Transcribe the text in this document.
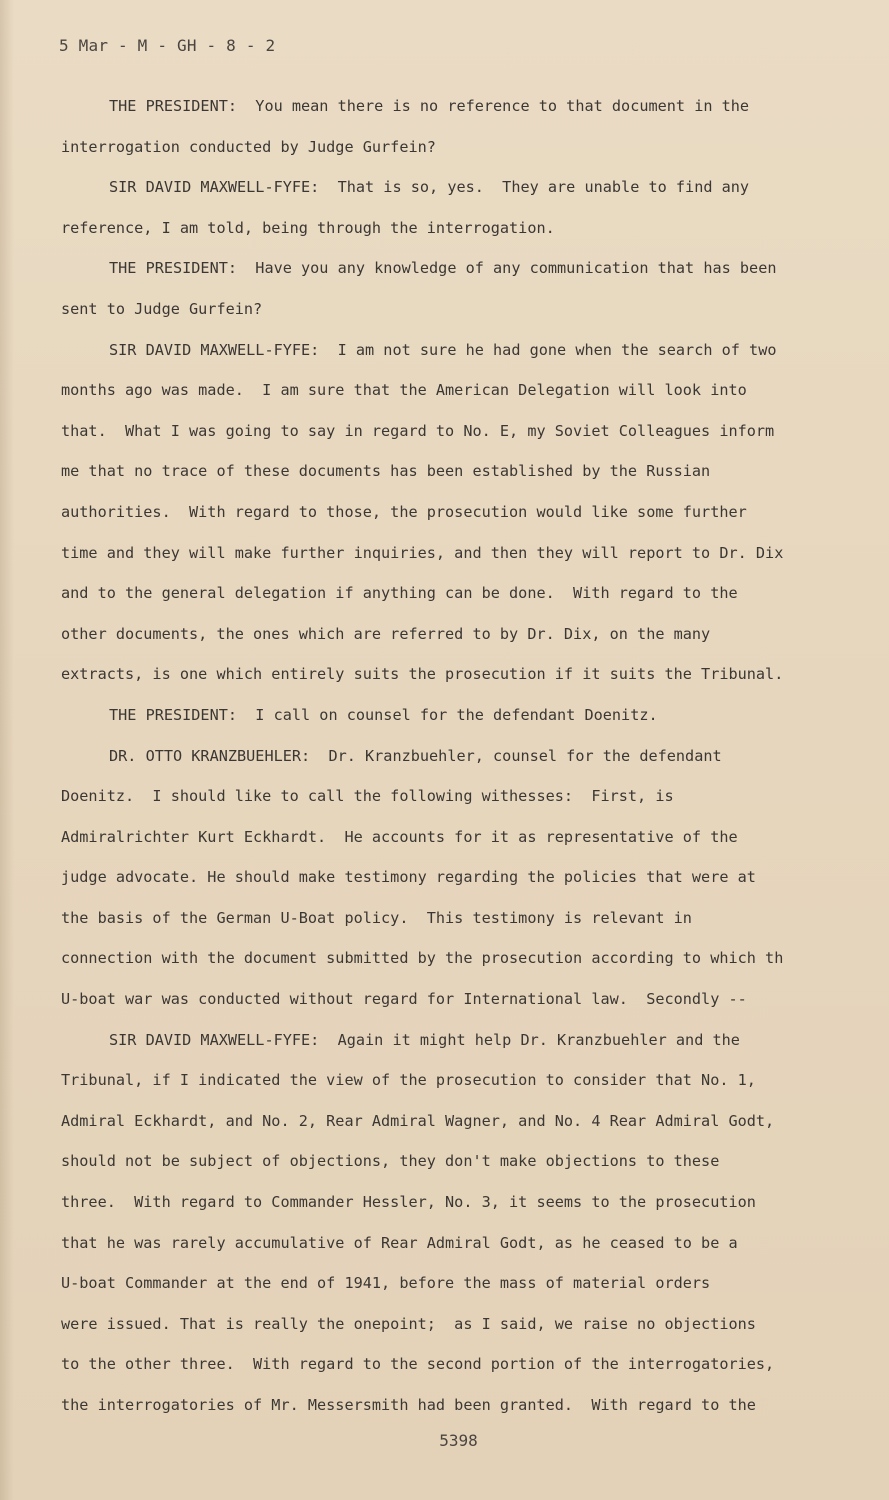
5 Mar - M - GH - 8 - 2
THE PRESIDENT:  You mean there is no reference to that document in the
interrogation conducted by Judge Gurfein?
SIR DAVID MAXWELL-FYFE:  That is so, yes.  They are unable to find any
reference, I am told, being through the interrogation.
THE PRESIDENT:  Have you any knowledge of any communication that has been
sent to Judge Gurfein?
SIR DAVID MAXWELL-FYFE:  I am not sure he had gone when the search of two
months ago was made.  I am sure that the American Delegation will look into
that.  What I was going to say in regard to No. E, my Soviet Colleagues inform
me that no trace of these documents has been established by the Russian
authorities.  With regard to those, the prosecution would like some further
time and they will make further inquiries, and then they will report to Dr. Dix
and to the general delegation if anything can be done.  With regard to the
other documents, the ones which are referred to by Dr. Dix, on the many
extracts, is one which entirely suits the prosecution if it suits the Tribunal.
THE PRESIDENT:  I call on counsel for the defendant Doenitz.
DR. OTTO KRANZBUEHLER:  Dr. Kranzbuehler, counsel for the defendant
Doenitz.  I should like to call the following withesses:  First, is
Admiralrichter Kurt Eckhardt.  He accounts for it as representative of the
judge advocate. He should make testimony regarding the policies that were at
the basis of the German U-Boat policy.  This testimony is relevant in
connection with the document submitted by the prosecution according to which th
U-boat war was conducted without regard for International law.  Secondly --
SIR DAVID MAXWELL-FYFE:  Again it might help Dr. Kranzbuehler and the
Tribunal, if I indicated the view of the prosecution to consider that No. 1,
Admiral Eckhardt, and No. 2, Rear Admiral Wagner, and No. 4 Rear Admiral Godt,
should not be subject of objections, they don't make objections to these
three.  With regard to Commander Hessler, No. 3, it seems to the prosecution
that he was rarely accumulative of Rear Admiral Godt, as he ceased to be a
U-boat Commander at the end of 1941, before the mass of material orders
were issued. That is really the onepoint;  as I said, we raise no objections
to the other three.  With regard to the second portion of the interrogatories,
the interrogatories of Mr. Messersmith had been granted.  With regard to the
5398
